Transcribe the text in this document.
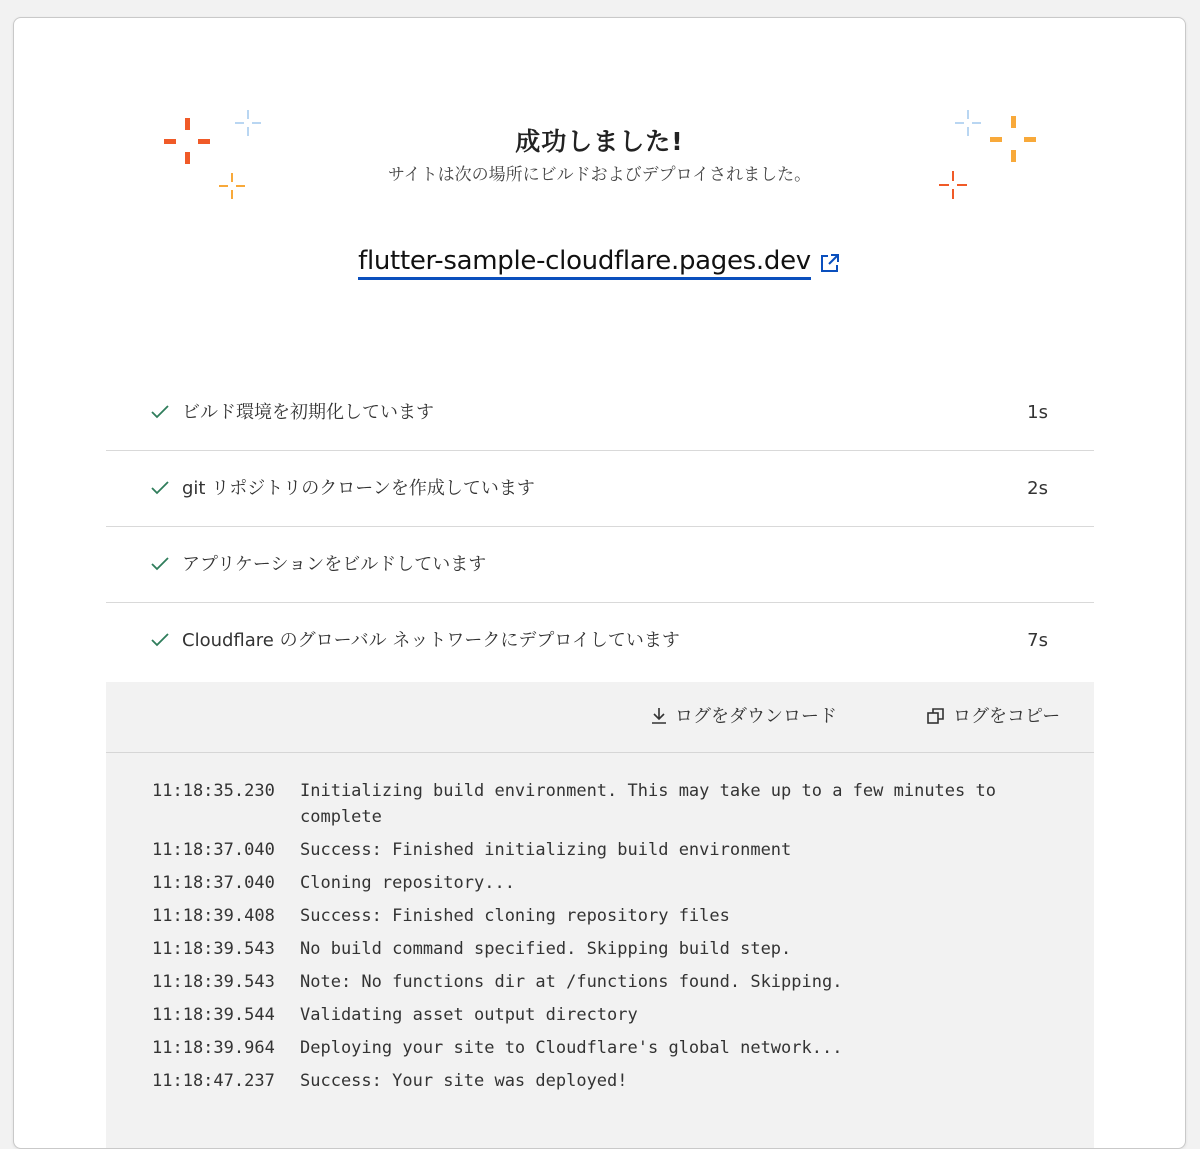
成功しました!
サイトは次の場所にビルドおよびデプロイされました。
flutter-sample-cloudflare.pages.dev
ビルド環境を初期化しています	1s
git リポジトリのクローンを作成しています	2s
アプリケーションをビルドしています
Cloudflare のグローバル ネットワークにデプロイしています	7s
ログをダウンロード	ログをコピー
11:18:35.230	Initializing build environment. This may take up to a few minutes to complete
11:18:37.040	Success: Finished initializing build environment
11:18:37.040	Cloning repository...
11:18:39.408	Success: Finished cloning repository files
11:18:39.543	No build command specified. Skipping build step.
11:18:39.543	Note: No functions dir at /functions found. Skipping.
11:18:39.544	Validating asset output directory
11:18:39.964	Deploying your site to Cloudflare's global network...
11:18:47.237	Success: Your site was deployed!
